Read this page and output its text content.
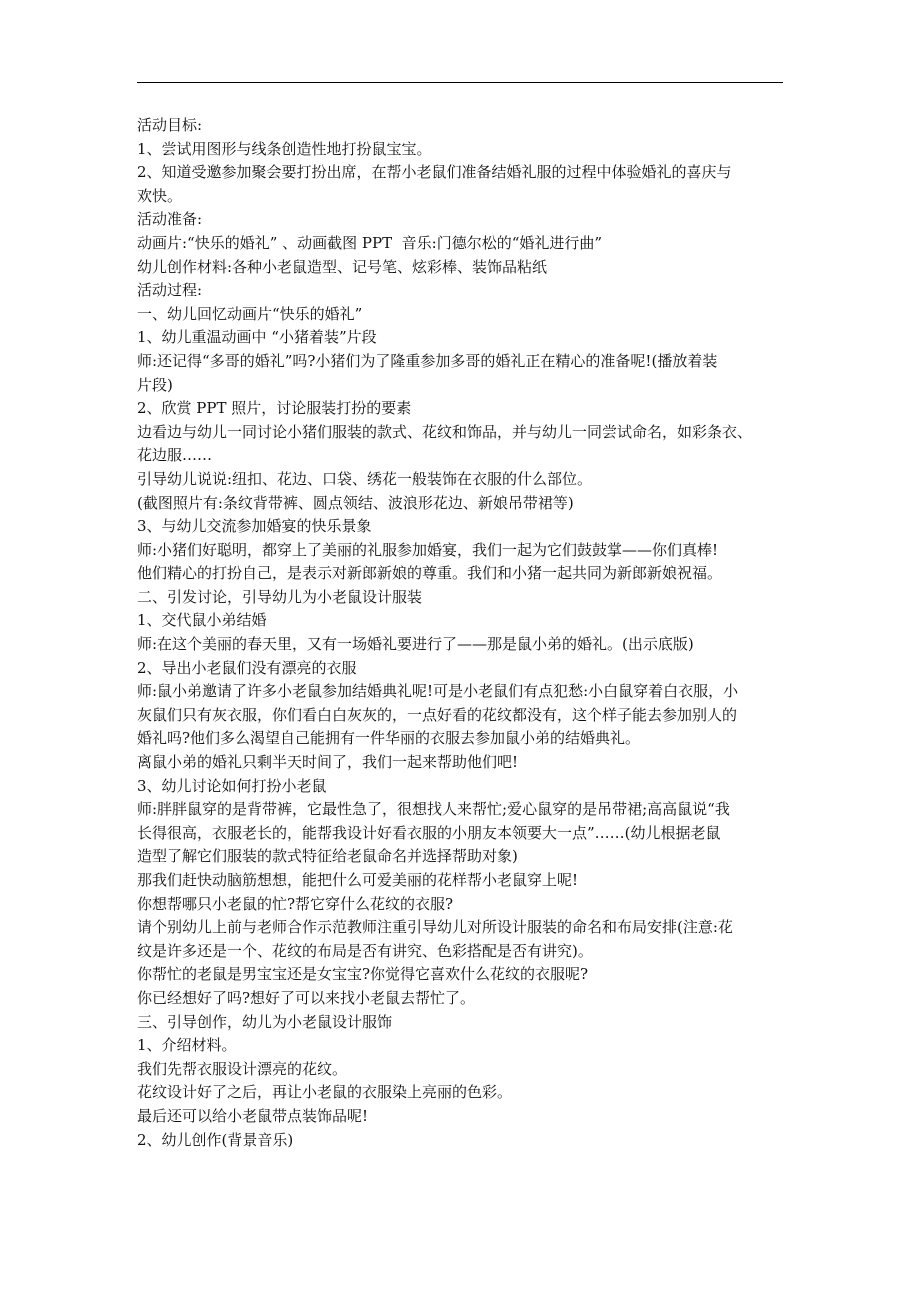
活动目标:
1、尝试用图形与线条创造性地打扮鼠宝宝。
2、知道受邀参加聚会要打扮出席，在帮小老鼠们准备结婚礼服的过程中体验婚礼的喜庆与
欢快。
活动准备:
动画片:“快乐的婚礼” 、动画截图 PPT  音乐:门德尔松的“婚礼进行曲”
幼儿创作材料:各种小老鼠造型、记号笔、炫彩棒、装饰品粘纸
活动过程:
一、幼儿回忆动画片“快乐的婚礼”
1、幼儿重温动画中 “小猪着装”片段
师:还记得“多哥的婚礼”吗?小猪们为了隆重参加多哥的婚礼正在精心的准备呢!(播放着装
片段)
2、欣赏 PPT 照片，讨论服装打扮的要素
边看边与幼儿一同讨论小猪们服装的款式、花纹和饰品，并与幼儿一同尝试命名，如彩条衣、
花边服……
引导幼儿说说:纽扣、花边、口袋、绣花一般装饰在衣服的什么部位。
(截图照片有:条纹背带裤、圆点领结、波浪形花边、新娘吊带裙等)
3、与幼儿交流参加婚宴的快乐景象
师:小猪们好聪明，都穿上了美丽的礼服参加婚宴，我们一起为它们鼓鼓掌——你们真棒!
他们精心的打扮自己，是表示对新郎新娘的尊重。我们和小猪一起共同为新郎新娘祝福。
二、引发讨论，引导幼儿为小老鼠设计服装
1、交代鼠小弟结婚
师:在这个美丽的春天里，又有一场婚礼要进行了——那是鼠小弟的婚礼。(出示底版)
2、导出小老鼠们没有漂亮的衣服
师:鼠小弟邀请了许多小老鼠参加结婚典礼呢!可是小老鼠们有点犯愁:小白鼠穿着白衣服，小
灰鼠们只有灰衣服，你们看白白灰灰的，一点好看的花纹都没有，这个样子能去参加别人的
婚礼吗?他们多么渴望自己能拥有一件华丽的衣服去参加鼠小弟的结婚典礼。
离鼠小弟的婚礼只剩半天时间了，我们一起来帮助他们吧!
3、幼儿讨论如何打扮小老鼠
师:胖胖鼠穿的是背带裤，它最性急了，很想找人来帮忙;爱心鼠穿的是吊带裙;高高鼠说“我
长得很高，衣服老长的，能帮我设计好看衣服的小朋友本领要大一点”……(幼儿根据老鼠
造型了解它们服装的款式特征给老鼠命名并选择帮助对象)
那我们赶快动脑筋想想，能把什么可爱美丽的花样帮小老鼠穿上呢!
你想帮哪只小老鼠的忙?帮它穿什么花纹的衣服?
请个别幼儿上前与老师合作示范教师注重引导幼儿对所设计服装的命名和布局安排(注意:花
纹是许多还是一个、花纹的布局是否有讲究、色彩搭配是否有讲究)。
你帮忙的老鼠是男宝宝还是女宝宝?你觉得它喜欢什么花纹的衣服呢?
你已经想好了吗?想好了可以来找小老鼠去帮忙了。
三、引导创作，幼儿为小老鼠设计服饰
1、介绍材料。
我们先帮衣服设计漂亮的花纹。
花纹设计好了之后，再让小老鼠的衣服染上亮丽的色彩。
最后还可以给小老鼠带点装饰品呢!
2、幼儿创作(背景音乐)
